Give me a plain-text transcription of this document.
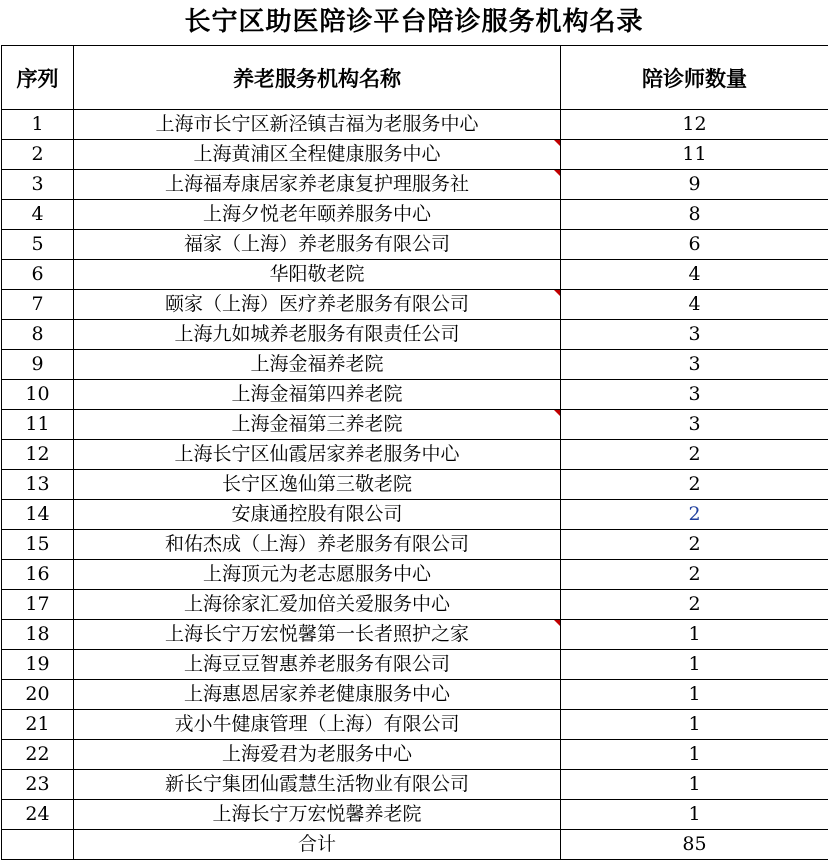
长宁区助医陪诊平台陪诊服务机构名录
序列	养老服务机构名称	陪诊师数量
1	上海市长宁区新泾镇吉福为老服务中心	12
2	上海黄浦区全程健康服务中心	11
3	上海福寿康居家养老康复护理服务社	9
4	上海夕悦老年颐养服务中心	8
5	福家（上海）养老服务有限公司	6
6	华阳敬老院	4
7	颐家（上海）医疗养老服务有限公司	4
8	上海九如城养老服务有限责任公司	3
9	上海金福养老院	3
10	上海金福第四养老院	3
11	上海金福第三养老院	3
12	上海长宁区仙霞居家养老服务中心	2
13	长宁区逸仙第三敬老院	2
14	安康通控股有限公司	2
15	和佑杰成（上海）养老服务有限公司	2
16	上海顶元为老志愿服务中心	2
17	上海徐家汇爱加倍关爱服务中心	2
18	上海长宁万宏悦馨第一长者照护之家	1
19	上海豆豆智惠养老服务有限公司	1
20	上海惠恩居家养老健康服务中心	1
21	戎小牛健康管理（上海）有限公司	1
22	上海爱君为老服务中心	1
23	新长宁集团仙霞慧生活物业有限公司	1
24	上海长宁万宏悦馨养老院	1
	合计	85
